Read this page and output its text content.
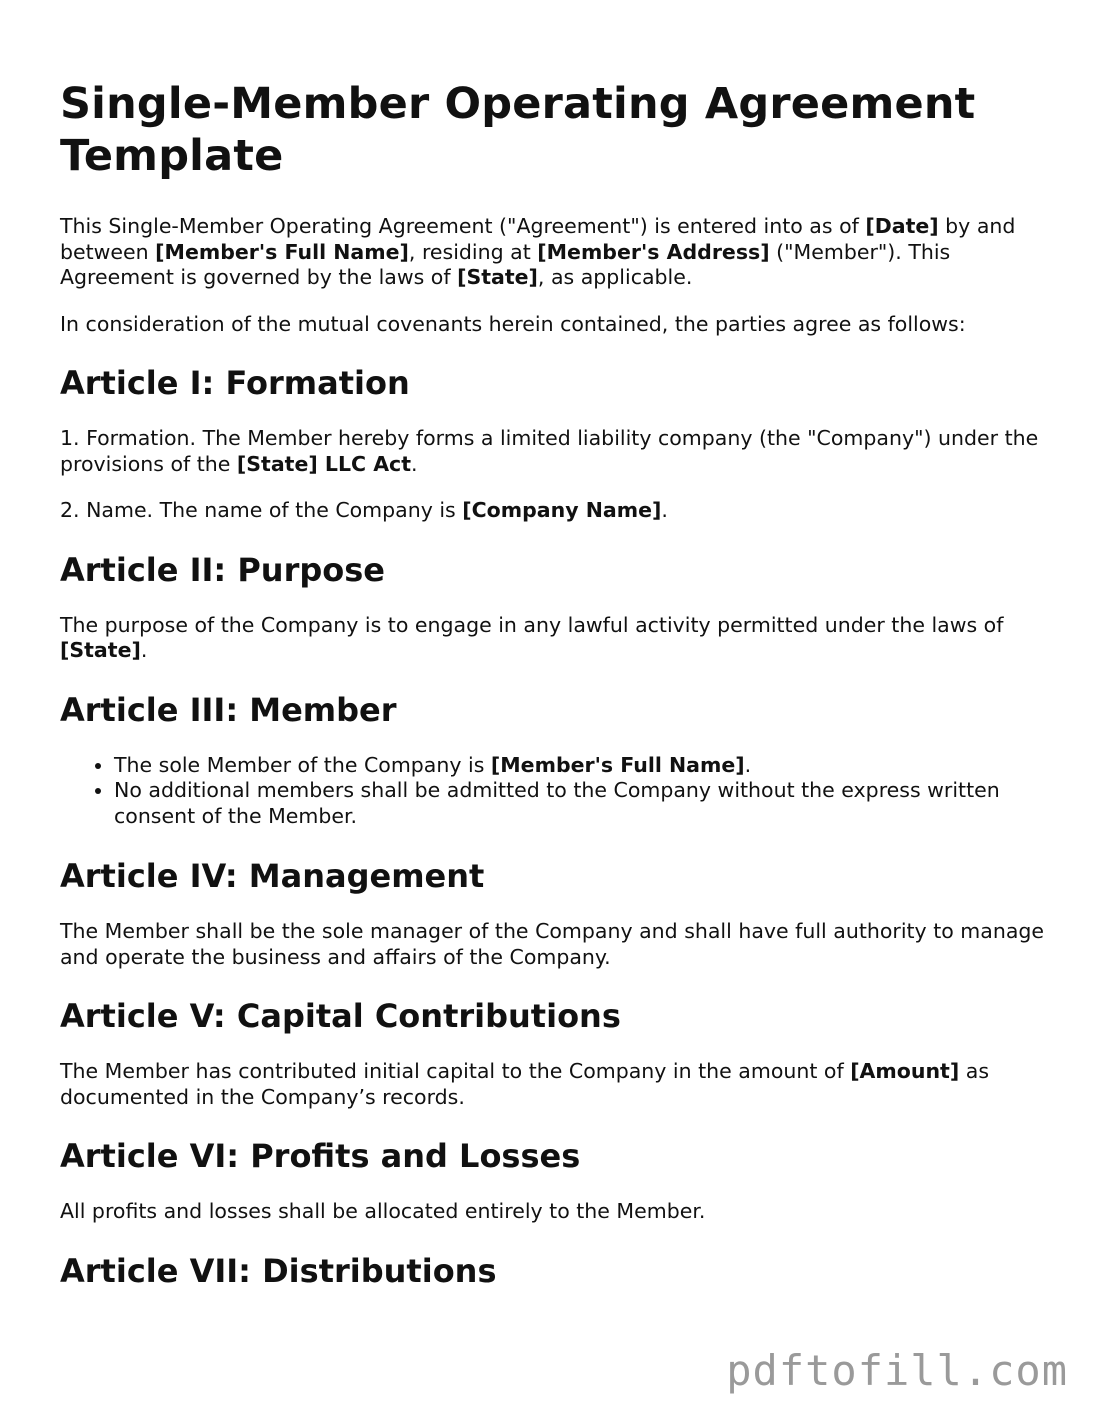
Single-Member Operating Agreement Template

This Single-Member Operating Agreement ("Agreement") is entered into as of [Date] by and between [Member's Full Name], residing at [Member's Address] ("Member"). This Agreement is governed by the laws of [State], as applicable.

In consideration of the mutual covenants herein contained, the parties agree as follows:

Article I: Formation

1. Formation. The Member hereby forms a limited liability company (the "Company") under the provisions of the [State] LLC Act.

2. Name. The name of the Company is [Company Name].

Article II: Purpose

The purpose of the Company is to engage in any lawful activity permitted under the laws of [State].

Article III: Member
• The sole Member of the Company is [Member's Full Name].
• No additional members shall be admitted to the Company without the express written consent of the Member.
Article IV: Management

The Member shall be the sole manager of the Company and shall have full authority to manage and operate the business and affairs of the Company.

Article V: Capital Contributions

The Member has contributed initial capital to the Company in the amount of [Amount] as documented in the Company’s records.

Article VI: Profits and Losses

All profits and losses shall be allocated entirely to the Member.

Article VII: Distributions
pdftofill.com
